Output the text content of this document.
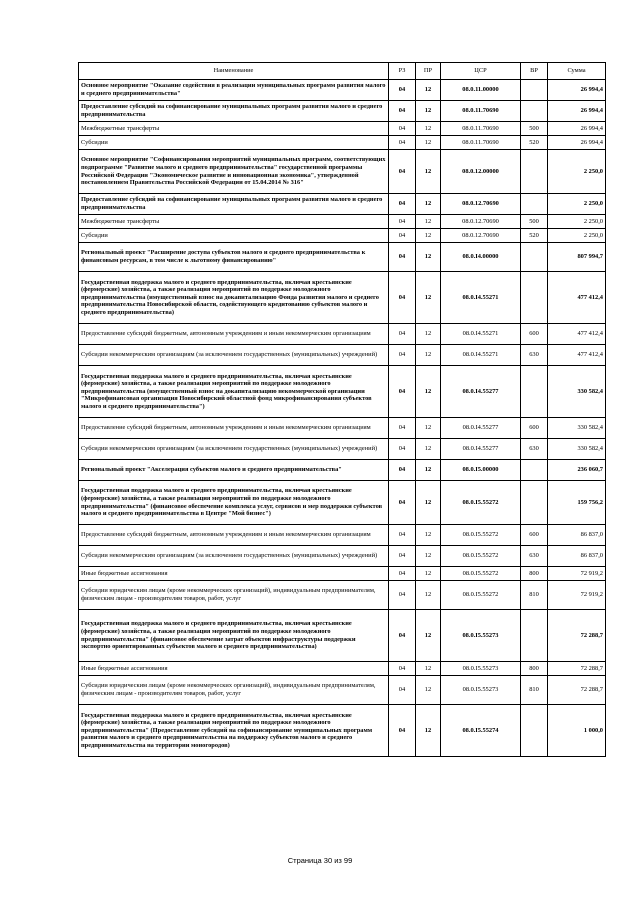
Наименование	РЗ	ПР	ЦСР	ВР	Сумма
Основное мероприятие "Оказание содействия в реализации муниципальных программ развития малого и среднего предпринимательства"	04	12	08.0.11.00000		26 994,4
Предоставление субсидий на софинансирование муниципальных программ развития малого и среднего предпринимательства	04	12	08.0.11.70690		26 994,4
Межбюджетные трансферты	04	12	08.0.11.70690	500	26 994,4
Субсидии	04	12	08.0.11.70690	520	26 994,4
Основное мероприятие "Софинансирования мероприятий муниципальных программ, соответствующих подпрограмме "Развитие малого и среднего предпринимательства" государственной программы Российской Федерации "Экономическое развитие и инновационная экономика", утвержденной постановлением Правительства Российской Федерации от 15.04.2014 № 316"	04	12	08.0.12.00000		2 250,0
Предоставление субсидий на софинансирование муниципальных программ развития малого и среднего предпринимательства	04	12	08.0.12.70690		2 250,0
Межбюджетные трансферты	04	12	08.0.12.70690	500	2 250,0
Субсидии	04	12	08.0.12.70690	520	2 250,0
Региональный проект "Расширение доступа субъектов малого и среднего предпринимательства к финансовым ресурсам, в том числе к льготному финансированию"	04	12	08.0.I4.00000		807 994,7
Государственная поддержка малого и среднего предпринимательства, включая крестьянские (фермерские) хозяйства, а также реализация мероприятий по поддержке молодежного предпринимательства (имущественный взнос на докапитализацию Фонда развития малого и среднего предпринимательства Новосибирской области, содействующего кредитованию субъектов малого и среднего предпринимательства)	04	12	08.0.I4.55271		477 412,4
Предоставление субсидий бюджетным, автономным учреждениям и иным некоммерческим организациям	04	12	08.0.I4.55271	600	477 412,4
Субсидии некоммерческим организациям (за исключением государственных (муниципальных) учреждений)	04	12	08.0.I4.55271	630	477 412,4
Государственная поддержка малого и среднего предпринимательства, включая крестьянские (фермерские) хозяйства, а также реализация мероприятий по поддержке молодежного предпринимательства (имущественный взнос на докапитализацию некоммерческой организации "Микрофинансовая организация Новосибирский областной фонд микрофинансирования субъектов малого и среднего предпринимательства")	04	12	08.0.I4.55277		330 582,4
Предоставление субсидий бюджетным, автономным учреждениям и иным некоммерческим организациям	04	12	08.0.I4.55277	600	330 582,4
Субсидии некоммерческим организациям (за исключением государственных (муниципальных) учреждений)	04	12	08.0.I4.55277	630	330 582,4
Региональный проект "Акселерация субъектов малого и среднего предпринимательства"	04	12	08.0.I5.00000		236 060,7
Государственная поддержка малого и среднего предпринимательства, включая крестьянские (фермерские) хозяйства, а также реализация мероприятий по поддержке молодежного предпринимательства" (финансовое обеспечение комплекса услуг, сервисов и мер поддержки субъектов малого и среднего предпринимательства в Центре "Мой бизнес")	04	12	08.0.I5.55272		159 756,2
Предоставление субсидий бюджетным, автономным учреждениям и иным некоммерческим организациям	04	12	08.0.I5.55272	600	86 837,0
Субсидии некоммерческим организациям (за исключением государственных (муниципальных) учреждений)	04	12	08.0.I5.55272	630	86 837,0
Иные бюджетные ассигнования	04	12	08.0.I5.55272	800	72 919,2
Субсидии юридическим лицам (кроме некоммерческих организаций), индивидуальным предпринимателям, физическим лицам - производителям товаров, работ, услуг	04	12	08.0.I5.55272	810	72 919,2
Государственная поддержка малого и среднего предпринимательства, включая крестьянские (фермерские) хозяйства, а также реализация мероприятий по поддержке молодежного предпринимательства" (финансовое обеспечение затрат объектов инфраструктуры поддержки экспортно ориентированных субъектов малого и среднего предпринимательства)	04	12	08.0.I5.55273		72 288,7
Иные бюджетные ассигнования	04	12	08.0.I5.55273	800	72 288,7
Субсидии юридическим лицам (кроме некоммерческих организаций), индивидуальным предпринимателям, физическим лицам - производителям товаров, работ, услуг	04	12	08.0.I5.55273	810	72 288,7
Государственная поддержка малого и среднего предпринимательства, включая крестьянские (фермерские) хозяйства, а также реализация мероприятий по поддержке молодежного предпринимательства" (Предоставление субсидий на софинансирование муниципальных программ развития малого и среднего предпринимательства на поддержку субъектов малого и среднего предпринимательства на территории моногородов)	04	12	08.0.I5.55274		1 000,0
Страница 30 из 99
